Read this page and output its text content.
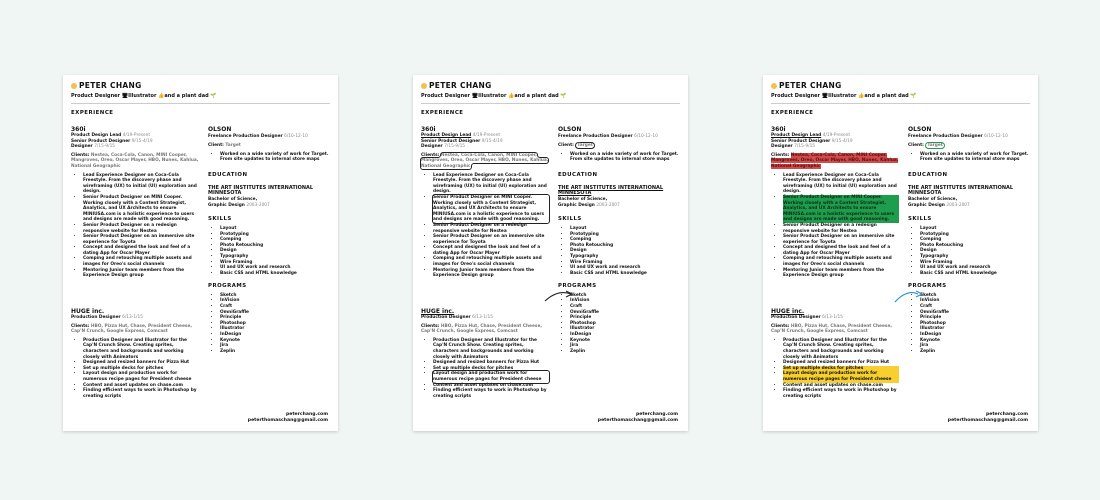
PETER CHANG
Product Designer 🖥Illustrator 👍and a plant dad 🌱
EXPERIENCE
360i
Product Design Lead 4/19-Present
Senior Product Designer 9/15-4/19
Designer 7/15-9/15
Clients: Nestea, Coca-Cola, Canon, MINI Cooper, Mangroves, Oreo, Oscar Mayer, HBO, Nunes, Kahlua, National Geographic
• Lead Experience Designer on Coca-Cola Freestyle. From the discovery phase and wireframing (UX) to initial (UI) exploration and design.
• Senior Product Designer on MINI Cooper. Working closely with a Content Strategist, Analytics, and UX Architects to ensure MINIUSA.com is a holistic experience to users and designs are made with good reasoning.
• Senior Product Designer on a redesign responsive website for Nestea
• Senior Product Designer on an immersive site experience for Toyota
• Concept and designed the look and feel of a dating App for Oscar Mayer
• Comping and retouching multiple assets and images for Oreo's social channels
• Mentoring Junior team members from the Experience Design group
HUGE inc.
Production Designer 6/13-1/15
Clients: HBO, Pizza Hut, Chase, President Cheese, Cap'N Crunch, Google Express, Comcast
• Production Designer and Illustrator for the Cap'N Crunch Show. Creating sprites, characters and backgrounds and working closely with Animators
• Designed and resized banners for Pizza Hut
• Set up multiple decks for pitches
• Layout design and production work for numerous recipe pages for President cheese
• Content and asset updates on chase.com
• Finding efficient ways to work in Photoshop by creating scripts
OLSON
Freelance Production Designer 6/10-12-10
Client: Target
• Worked on a wide variety of work for Target. From site updates to internal store maps
EDUCATION
THE ART INSTITUTES INTERNATIONAL MINNESOTA
Bachelor of Science,
Graphic Design 2003-2007
SKILLS
• Layout
• Prototyping
• Comping
• Photo Retouching
• Design
• Typography
• Wire Framing
• UI and UX work and research
• Basic CSS and HTML knowledge
PROGRAMS
• Sketch
• InVision
• Craft
• OmniGraffle
• Principle
• Photoshop
• Illustrator
• InDesign
• Keynote
• Jira
• Zeplin
peterchang.com
peterthomaschang@gmail.com
PETER CHANG
Product Designer 🖥Illustrator 👍and a plant dad 🌱
EXPERIENCE
360i
Product Design Lead 4/19-Present
Senior Product Designer 9/15-4/19
Designer 7/15-9/15
Clients: Nestea, Coca-Cola, Canon, MINI Cooper, Mangroves, Oreo, Oscar Mayer, HBO, Nunes, Kahlua, National Geographic
• Lead Experience Designer on Coca-Cola Freestyle. From the discovery phase and wireframing (UX) to initial (UI) exploration and design.
• Senior Product Designer on MINI Cooper. Working closely with a Content Strategist, Analytics, and UX Architects to ensure MINIUSA.com is a holistic experience to users and designs are made with good reasoning.
• Senior Product Designer on a redesign responsive website for Nestea
• Senior Product Designer on an immersive site experience for Toyota
• Concept and designed the look and feel of a dating App for Oscar Mayer
• Comping and retouching multiple assets and images for Oreo's social channels
• Mentoring Junior team members from the Experience Design group
HUGE inc.
Production Designer 6/13-1/15
Clients: HBO, Pizza Hut, Chase, President Cheese, Cap'N Crunch, Google Express, Comcast
• Production Designer and Illustrator for the Cap'N Crunch Show. Creating sprites, characters and backgrounds and working closely with Animators
• Designed and resized banners for Pizza Hut
• Set up multiple decks for pitches
• Layout design and production work for numerous recipe pages for President cheese
• Content and asset updates on chase.com
• Finding efficient ways to work in Photoshop by creating scripts
OLSON
Freelance Production Designer 6/10-12-10
Client: Target
• Worked on a wide variety of work for Target. From site updates to internal store maps
EDUCATION
THE ART INSTITUTES INTERNATIONAL MINNESOTA
Bachelor of Science,
Graphic Design 2003-2007
SKILLS
• Layout
• Prototyping
• Comping
• Photo Retouching
• Design
• Typography
• Wire Framing
• UI and UX work and research
• Basic CSS and HTML knowledge
PROGRAMS
• Sketch
• InVision
• Craft
• OmniGraffle
• Principle
• Photoshop
• Illustrator
• InDesign
• Keynote
• Jira
• Zeplin
peterchang.com
peterthomaschang@gmail.com
PETER CHANG
Product Designer 🖥Illustrator 👍and a plant dad 🌱
EXPERIENCE
360i
Product Design Lead 4/19-Present
Senior Product Designer 9/15-4/19
Designer 7/15-9/15
Clients: Nestea, Coca-Cola, Canon, MINI Cooper, Mangroves, Oreo, Oscar Mayer, HBO, Nunes, Kahlua, National Geographic
• Lead Experience Designer on Coca-Cola Freestyle. From the discovery phase and wireframing (UX) to initial (UI) exploration and design.
• Senior Product Designer on MINI Cooper. Working closely with a Content Strategist, Analytics, and UX Architects to ensure MINIUSA.com is a holistic experience to users and designs are made with good reasoning.
• Senior Product Designer on a redesign responsive website for Nestea
• Senior Product Designer on an immersive site experience for Toyota
• Concept and designed the look and feel of a dating App for Oscar Mayer
• Comping and retouching multiple assets and images for Oreo's social channels
• Mentoring Junior team members from the Experience Design group
HUGE inc.
Production Designer 6/13-1/15
Clients: HBO, Pizza Hut, Chase, President Cheese, Cap'N Crunch, Google Express, Comcast
• Production Designer and Illustrator for the Cap'N Crunch Show. Creating sprites, characters and backgrounds and working closely with Animators
• Designed and resized banners for Pizza Hut
• Set up multiple decks for pitches
• Layout design and production work for numerous recipe pages for President cheese
• Content and asset updates on chase.com
• Finding efficient ways to work in Photoshop by creating scripts
OLSON
Freelance Production Designer 6/10-12-10
Client: Target
• Worked on a wide variety of work for Target. From site updates to internal store maps
EDUCATION
THE ART INSTITUTES INTERNATIONAL MINNESOTA
Bachelor of Science,
Graphic Design 2003-2007
SKILLS
• Layout
• Prototyping
• Comping
• Photo Retouching
• Design
• Typography
• Wire Framing
• UI and UX work and research
• Basic CSS and HTML knowledge
PROGRAMS
• Sketch
• InVision
• Craft
• OmniGraffle
• Principle
• Photoshop
• Illustrator
• InDesign
• Keynote
• Jira
• Zeplin
peterchang.com
peterthomaschang@gmail.com
